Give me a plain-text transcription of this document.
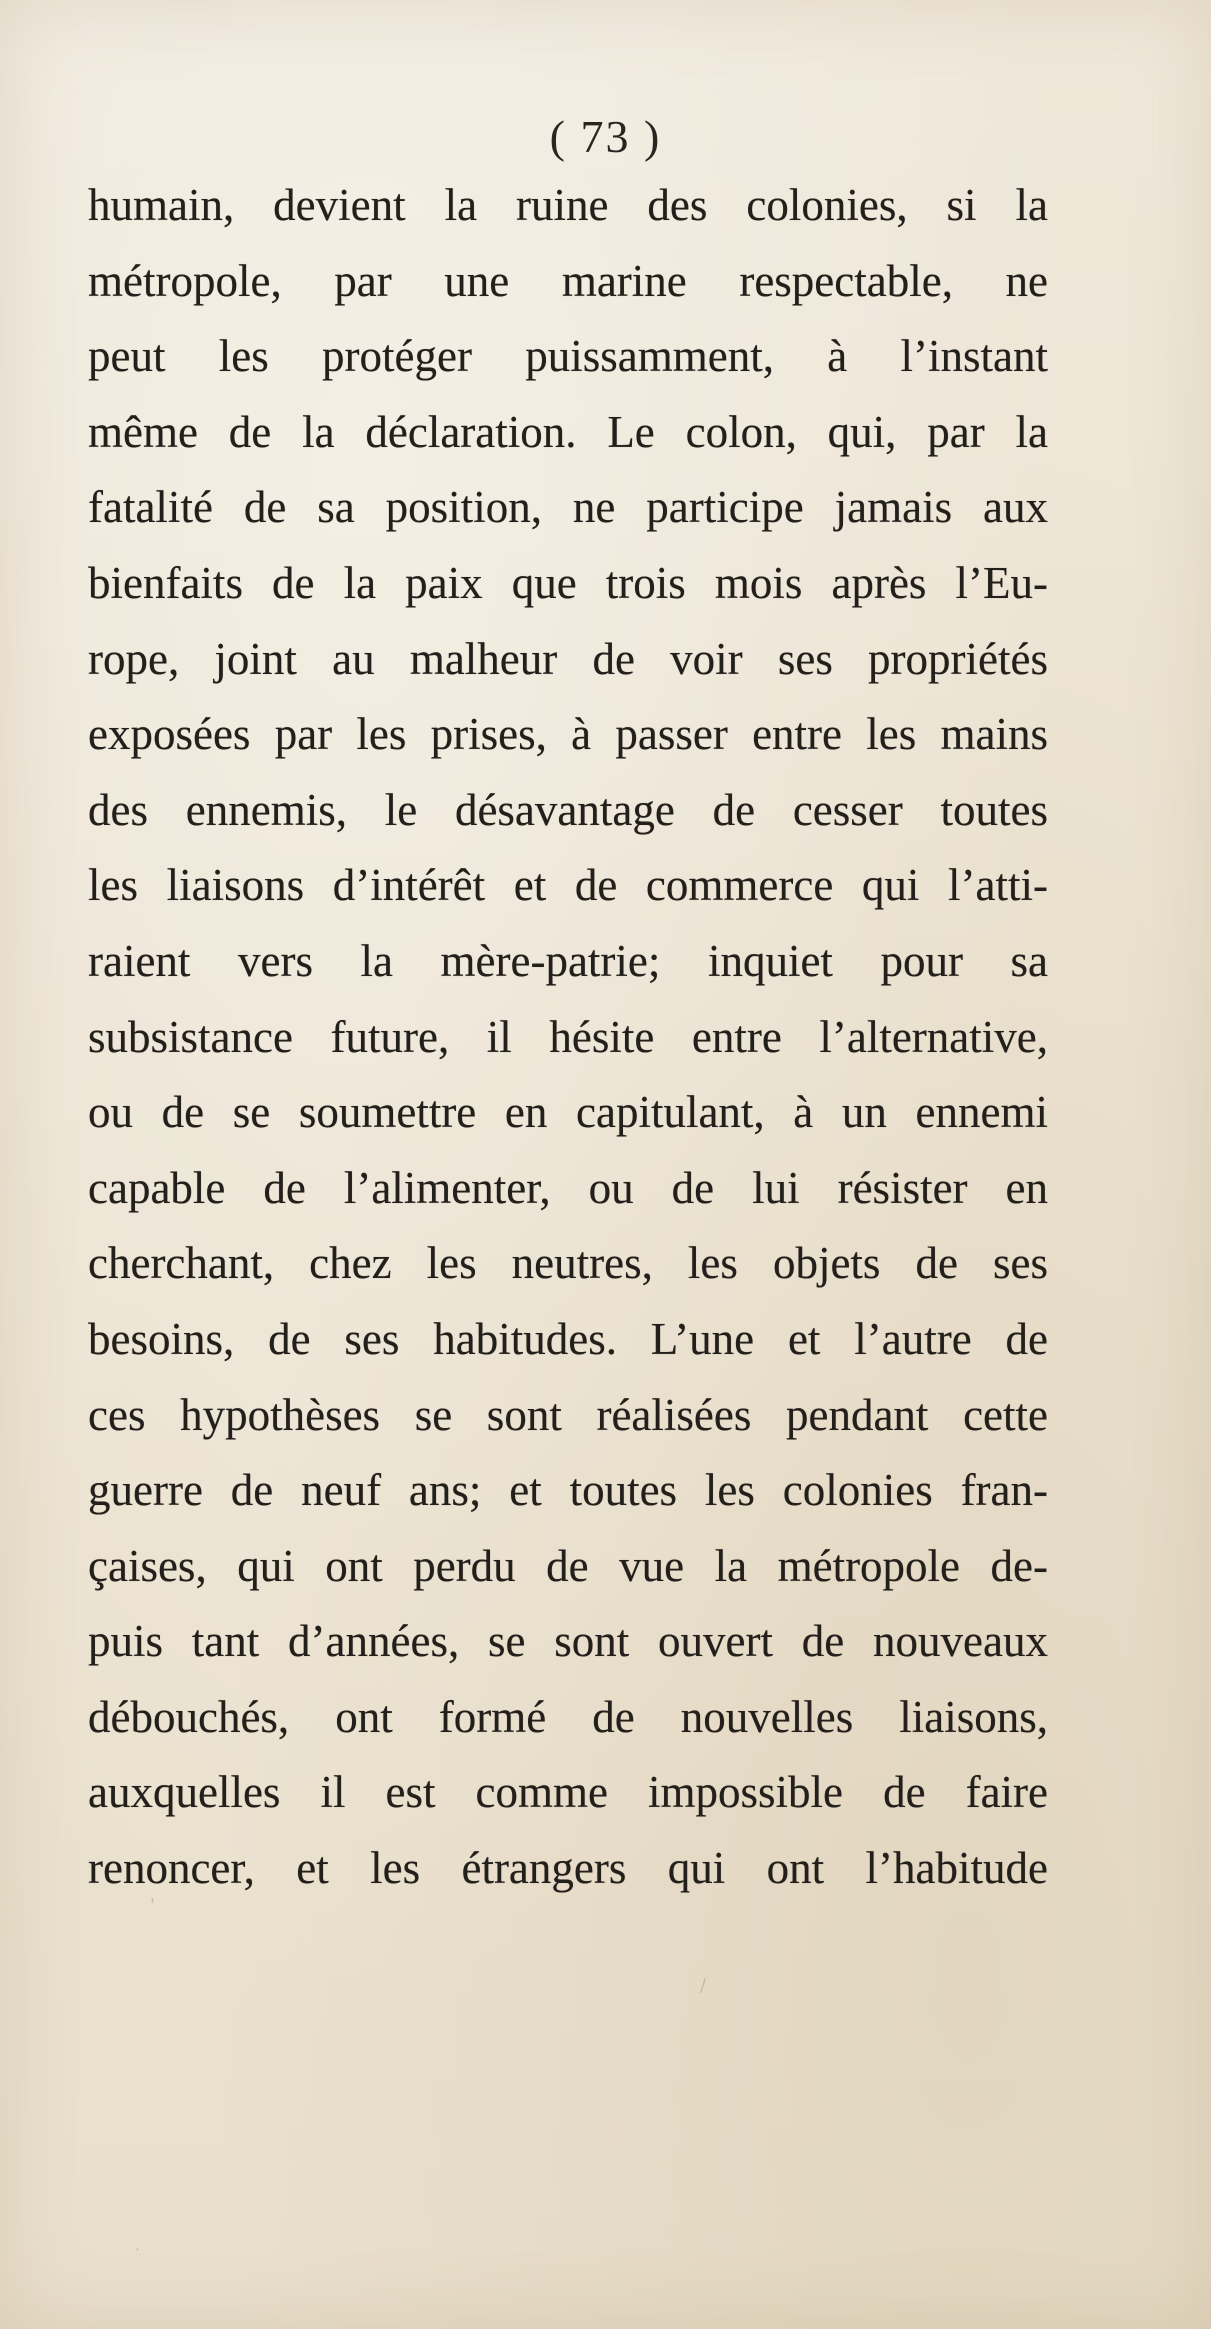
( 73 )
humain, devient la ruine des colonies, si la
métropole, par une marine respectable, ne
peut les protéger puissamment, à l’instant
même de la déclaration. Le colon, qui, par la
fatalité de sa position, ne participe jamais aux
bienfaits de la paix que trois mois après l’Eu-
rope, joint au malheur de voir ses propriétés
exposées par les prises, à passer entre les mains
des ennemis, le désavantage de cesser toutes
les liaisons d’intérêt et de commerce qui l’atti-
raient vers la mère-patrie; inquiet pour sa
subsistance future, il hésite entre l’alternative,
ou de se soumettre en capitulant, à un ennemi
capable de l’alimenter, ou de lui résister en
cherchant, chez les neutres, les objets de ses
besoins, de ses habitudes. L’une et l’autre de
ces hypothèses se sont réalisées pendant cette
guerre de neuf ans; et toutes les colonies fran-
çaises, qui ont perdu de vue la métropole de-
puis tant d’années, se sont ouvert de nouveaux
débouchés, ont formé de nouvelles liaisons,
auxquelles il est comme impossible de faire
renoncer, et les étrangers qui ont l’habitude
'
/
·
